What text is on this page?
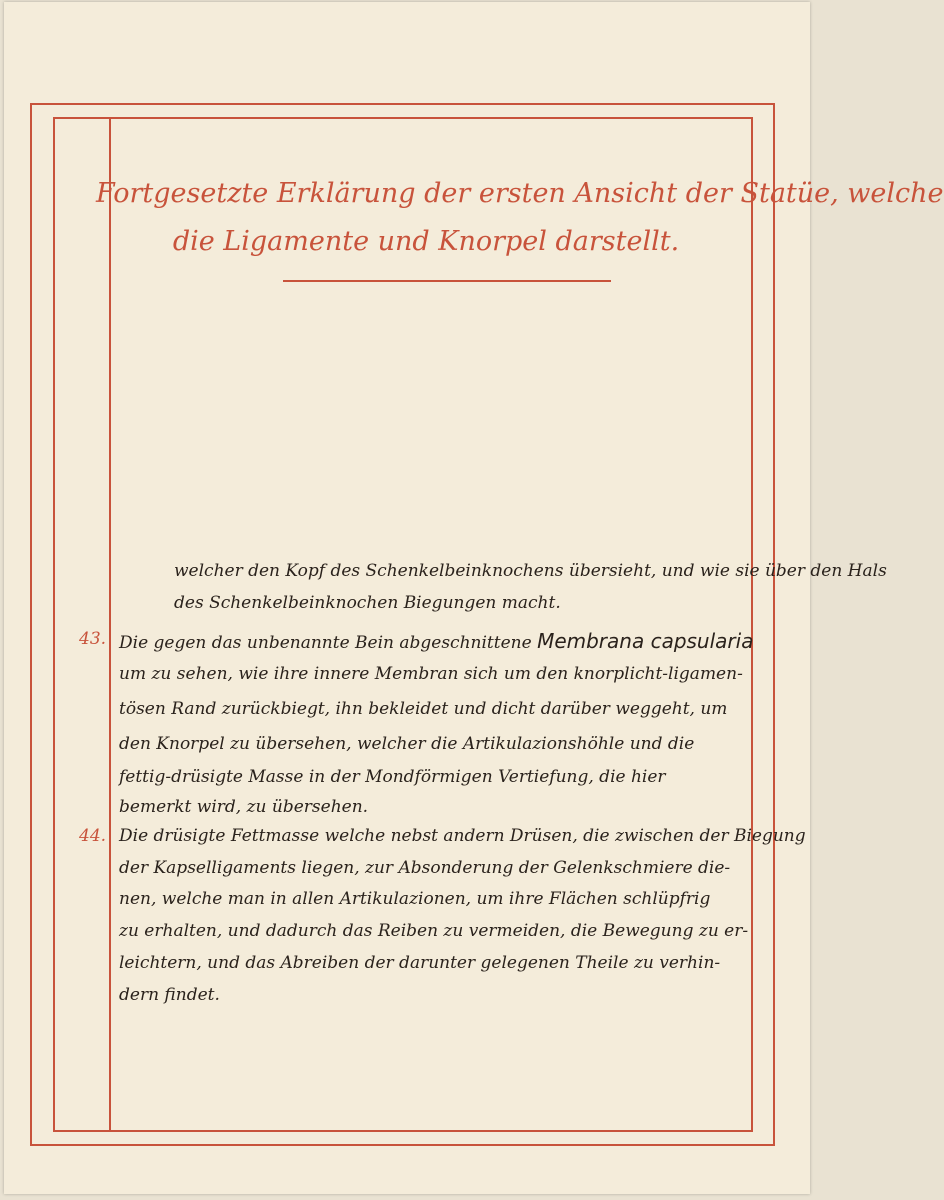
Fortgesetzte Erklärung der ersten Ansicht der Statüe, welche
die Ligamente und Knorpel darstellt.
welcher den Kopf des Schenkelbeinknochens übersieht, und wie sie über den Hals
des Schenkelbeinknochen Biegungen macht.
43. Die gegen das unbenannte Bein abgeschnittene Membrana capsularia
um zu sehen, wie ihre innere Membran sich um den knorplicht-ligamen-
tösen Rand zurückbiegt, ihn bekleidet und dicht darüber weggeht, um
den Knorpel zu übersehen, welcher die Artikulazionshöhle und die
fettig-drüsigte Masse in der Mondförmigen Vertiefung, die hier
bemerkt wird, zu übersehen.
44. Die drüsigte Fettmasse welche nebst andern Drüsen, die zwischen der Biegung
der Kapselligaments liegen, zur Absonderung der Gelenkschmiere die-
nen, welche man in allen Artikulazionen, um ihre Flächen schlüpfrig
zu erhalten, und dadurch das Reiben zu vermeiden, die Bewegung zu er-
leichtern, und das Abreiben der darunter gelegenen Theile zu verhin-
dern findet.
